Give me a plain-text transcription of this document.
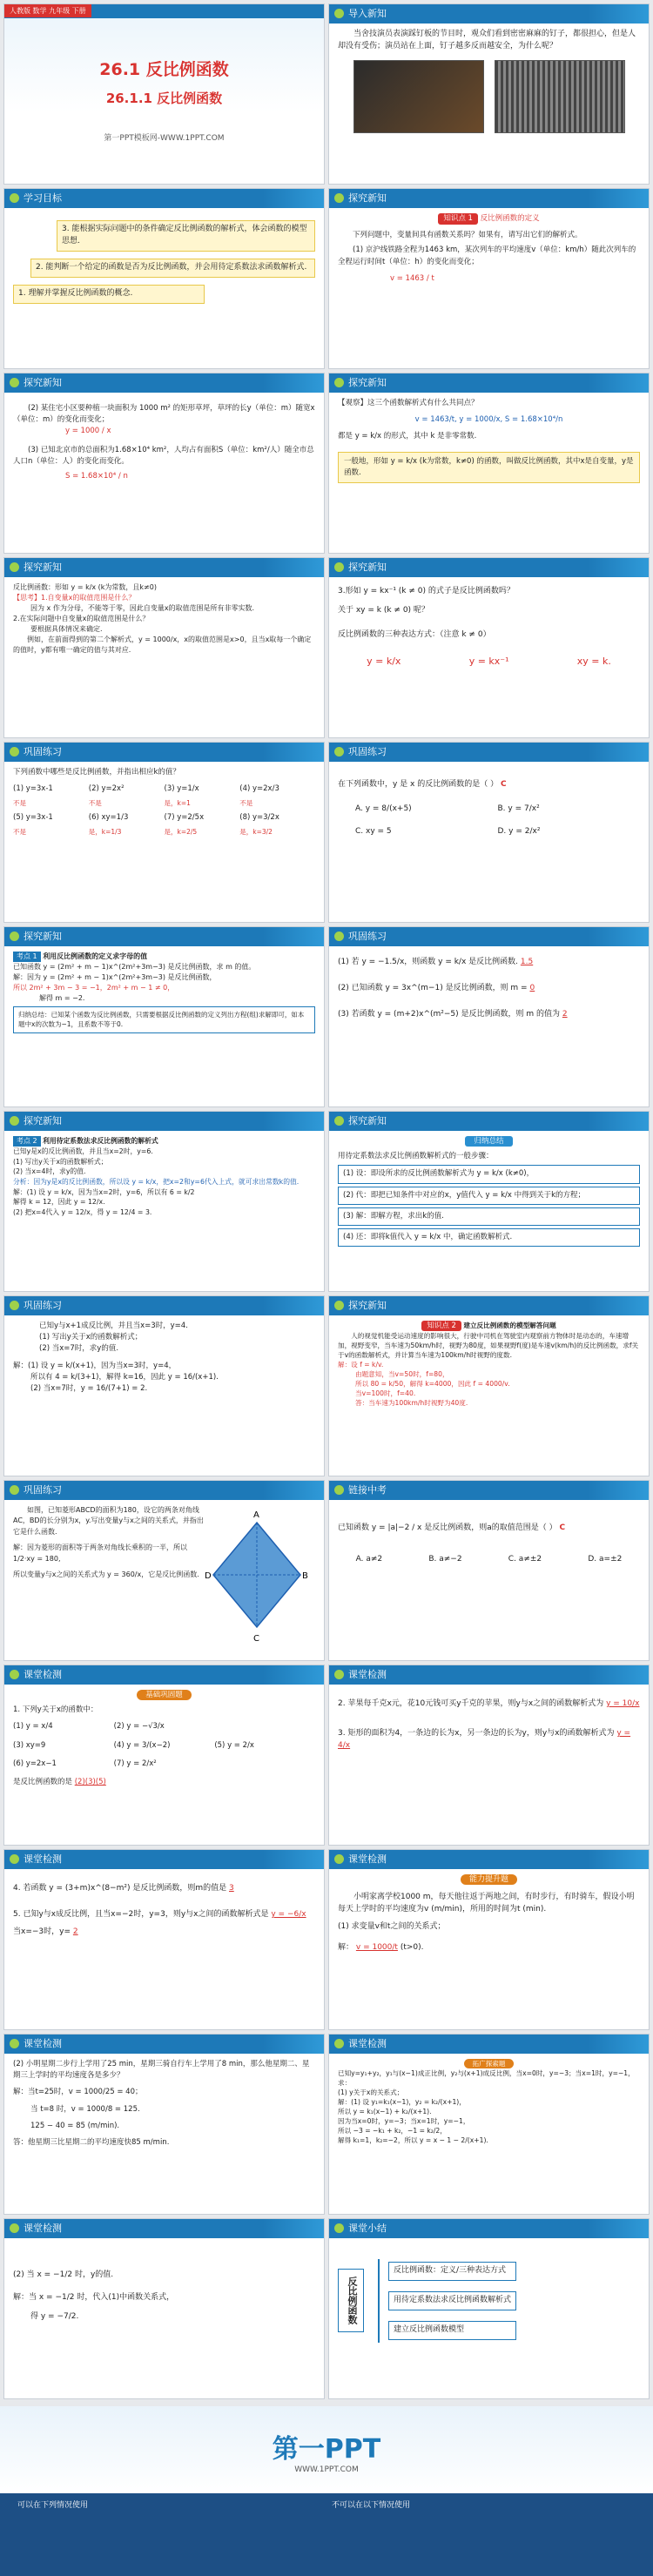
人教版 数学 九年级 下册
26.1 反比例函数
26.1.1 反比例函数
第一PPT模板网-WWW.1PPT.COM
导入新知

当舍技演员表演踩钉板的节目时，观众们看到密密麻麻的钉子，都很担心，但是人却没有受伤；演员站在上面，钉子越多反而越安全，为什么呢？

学习目标
3. 能根据实际问题中的条件确定反比例函数的解析式，体会函数的模型思想.
2. 能判断一个给定的函数是否为反比例函数，并会用待定系数法求函数解析式.
1. 理解并掌握反比例函数的概念.
探究新知
知识点 1 反比例函数的定义

下列问题中，变量间具有函数关系吗？如果有，请写出它们的解析式。

(1) 京沪线铁路全程为1463 km，某次列车的平均速度v（单位：km/h）随此次列车的全程运行时间t（单位：h）的变化而变化；

v = 1463 / t

探究新知

(2) 某住宅小区要种植一块面积为 1000 m² 的矩形草坪，草坪的长y（单位：m）随宽x（单位：m）的变化而变化；

y = 1000 / x

(3) 已知北京市的总面积为1.68×10⁴ km²，人均占有面积S（单位：km²/人）随全市总人口n（单位：人）的变化而变化。

S = 1.68×10⁴ / n

探究新知

【观察】这三个函数解析式有什么共同点？

v = 1463/t, y = 1000/x, S = 1.68×10⁴/n

都是 y = k/x 的形式，其中 k 是非零常数.

一般地，形如 y = k/x (k为常数，k≠0) 的函数，叫做反比例函数，其中x是自变量，y是函数.
探究新知

反比例函数：形如 y = k/x (k为常数，且k≠0)

【思考】1.自变量x的取值范围是什么？

因为 x 作为分母，不能等于零，因此自变量x的取值范围是所有非零实数.

2.在实际问题中自变量x的取值范围是什么？

要根据具体情况来确定.

例如，在前面得到的第二个解析式，y = 1000/x，x的取值范围是x>0，且当x取每一个确定的值时，y都有唯一确定的值与其对应.

探究新知

3.形如 y = kx⁻¹ (k ≠ 0) 的式子是反比例函数吗？

关于 xy = k (k ≠ 0) 呢？

反比例函数的三种表达方式：（注意 k ≠ 0）

y = k/x	y = kx⁻¹	xy = k.
巩固练习

下列函数中哪些是反比例函数，并指出相应k的值？

(1) y=3x-1	(2) y=2x²	(3) y=1/x	(4) y=2x/3
不是	不是	是，k=1	不是
(5) y=3x-1	(6) xy=1/3	(7) y=2/5x	(8) y=3/2x
不是	是，k=1/3	是，k=2/5	是，k=3/2
巩固练习

在下列函数中，y 是 x 的反比例函数的是（ ） C

A. y = 8/(x+5)	B. y = 7/x²
C. xy = 5	D. y = 2/x²
探究新知

考点 1 利用反比例函数的定义求字母的值

已知函数 y = (2m² + m − 1)x^(2m²+3m−3) 是反比例函数，求 m 的值。

解：因为 y = (2m² + m − 1)x^(2m²+3m−3) 是反比例函数，

所以 2m² + 3m − 3 = −1，2m² + m − 1 ≠ 0，

解得 m = −2.

归纳总结：已知某个函数为反比例函数，只需要根据反比例函数的定义列出方程(组)求解即可，如本题中x的次数为−1，且系数不等于0.
巩固练习

(1) 若 y = −1.5/x，则函数 y = k/x 是反比例函数. 1.5

(2) 已知函数 y = 3x^(m−1) 是反比例函数，则 m = 0

(3) 若函数 y = (m+2)x^(m²−5) 是反比例函数，则 m 的值为 2

探究新知

考点 2 利用待定系数法求反比例函数的解析式

已知y是x的反比例函数，并且当x=2时，y=6.

(1) 写出y关于x的函数解析式；

(2) 当x=4时，求y的值.

分析：因为y是x的反比例函数，所以设 y = k/x，把x=2和y=6代入上式，就可求出常数k的值.

解：(1) 设 y = k/x，因为当x=2时，y=6，所以有 6 = k/2

解得 k = 12，因此 y = 12/x.

(2) 把x=4代入 y = 12/x，得 y = 12/4 = 3.

探究新知
归纳总结

用待定系数法求反比例函数解析式的一般步骤：

(1) 设：即设所求的反比例函数解析式为 y = k/x (k≠0)，
(2) 代：即把已知条件中对应的x，y值代入 y = k/x 中得到关于k的方程；
(3) 解：即解方程，求出k的值.
(4) 还：即将k值代入 y = k/x 中，确定函数解析式.
巩固练习

已知y与x+1成反比例，并且当x=3时，y=4.

(1) 写出y关于x的函数解析式；

(2) 当x=7时，求y的值.

解：(1) 设 y = k/(x+1)，因为当x=3时，y=4，

所以有 4 = k/(3+1)，解得 k=16，因此 y = 16/(x+1).

(2) 当x=7时，y = 16/(7+1) = 2.

探究新知
知识点 2 建立反比例函数的模型解答问题

人的视觉机能受运动速度的影响很大，行驶中司机在驾驶室内观察前方物体时是动态的，车速增加，视野变窄，当车速为50km/h时，视野为80度，如果视野f(度)是车速v(km/h)的反比例函数，求f关于v的函数解析式，并计算当车速为100km/h时视野的度数.

解：设 f = k/v.

由题意知，当v=50时，f=80，

所以 80 = k/50，解得 k=4000，因此 f = 4000/v.

当v=100时，f=40.

答：当车速为100km/h时视野为40度.

巩固练习

如图，已知菱形ABCD的面积为180，设它的两条对角线AC，BD的长分别为x，y.写出变量y与x之间的关系式，并指出它是什么函数.

解：因为菱形的面积等于两条对角线长乘积的一半，所以 1/2·xy = 180,

所以变量y与x之间的关系式为 y = 360/x，它是反比例函数.

A
D	B
C
链接中考

已知函数 y = |a|−2 / x 是反比例函数，则a的取值范围是（ ） C

A. a≠2	B. a≠−2	C. a≠±2	D. a=±2
课堂检测
基础巩固题

1. 下列y关于x的函数中：

(1) y = x/4	(2) y = −√3/x
(3) xy=9	(4) y = 3/(x−2)	(5) y = 2/x
(6) y=2x−1	(7) y = 2/x²

是反比例函数的是 (2)(3)(5)

课堂检测

2. 苹果每千克x元，花10元钱可买y千克的苹果，则y与x之间的函数解析式为 y = 10/x

3. 矩形的面积为4，一条边的长为x，另一条边的长为y，则y与x的函数解析式为 y = 4/x

课堂检测

4. 若函数 y = (3+m)x^(8−m²) 是反比例函数，则m的值是 3

5. 已知y与x成反比例，且当x=−2时，y=3，则y与x之间的函数解析式是 y = −6/x

当x=−3时，y= 2

课堂检测
能力提升题

小明家离学校1000 m，每天他往返于两地之间，有时步行，有时骑车，假设小明每天上学时的平均速度为v (m/min)，所用的时间为t (min).

(1) 求变量v和t之间的关系式；

解： v = 1000/t (t>0).

课堂检测

(2) 小明星期二步行上学用了25 min，星期三骑自行车上学用了8 min，那么他星期二、星期三上学时的平均速度各是多少？

解：当t=25时，v = 1000/25 = 40；

当 t=8 时，v = 1000/8 = 125.

125 − 40 = 85 (m/min).

答：他星期三比星期二的平均速度快85 m/min.

课堂检测
拓广探索题

已知y=y₁+y₂，y₁与(x−1)成正比例，y₂与(x+1)成反比例，当x=0时，y=−3；当x=1时，y=−1，求：

(1) y关于x的关系式；

解：(1) 设 y₁=k₁(x−1)，y₂ = k₂/(x+1)，

所以 y = k₁(x−1) + k₂/(x+1).

因为当x=0时，y=−3；当x=1时，y=−1，

所以 −3 = −k₁ + k₂，−1 = k₂/2，

解得 k₁=1，k₂=−2，所以 y = x − 1 − 2/(x+1).

课堂检测

(2) 当 x = −1/2 时，y的值.

解：当 x = −1/2 时，代入(1)中函数关系式，

得 y = −7/2.

课堂小结
反比例函数
反比例函数：定义/三种表达方式
用待定系数法求反比例函数解析式
建立反比例函数模型
第一PPT
WWW.1PPT.COM
可以在下列情况使用	不可以在以下情况使用
